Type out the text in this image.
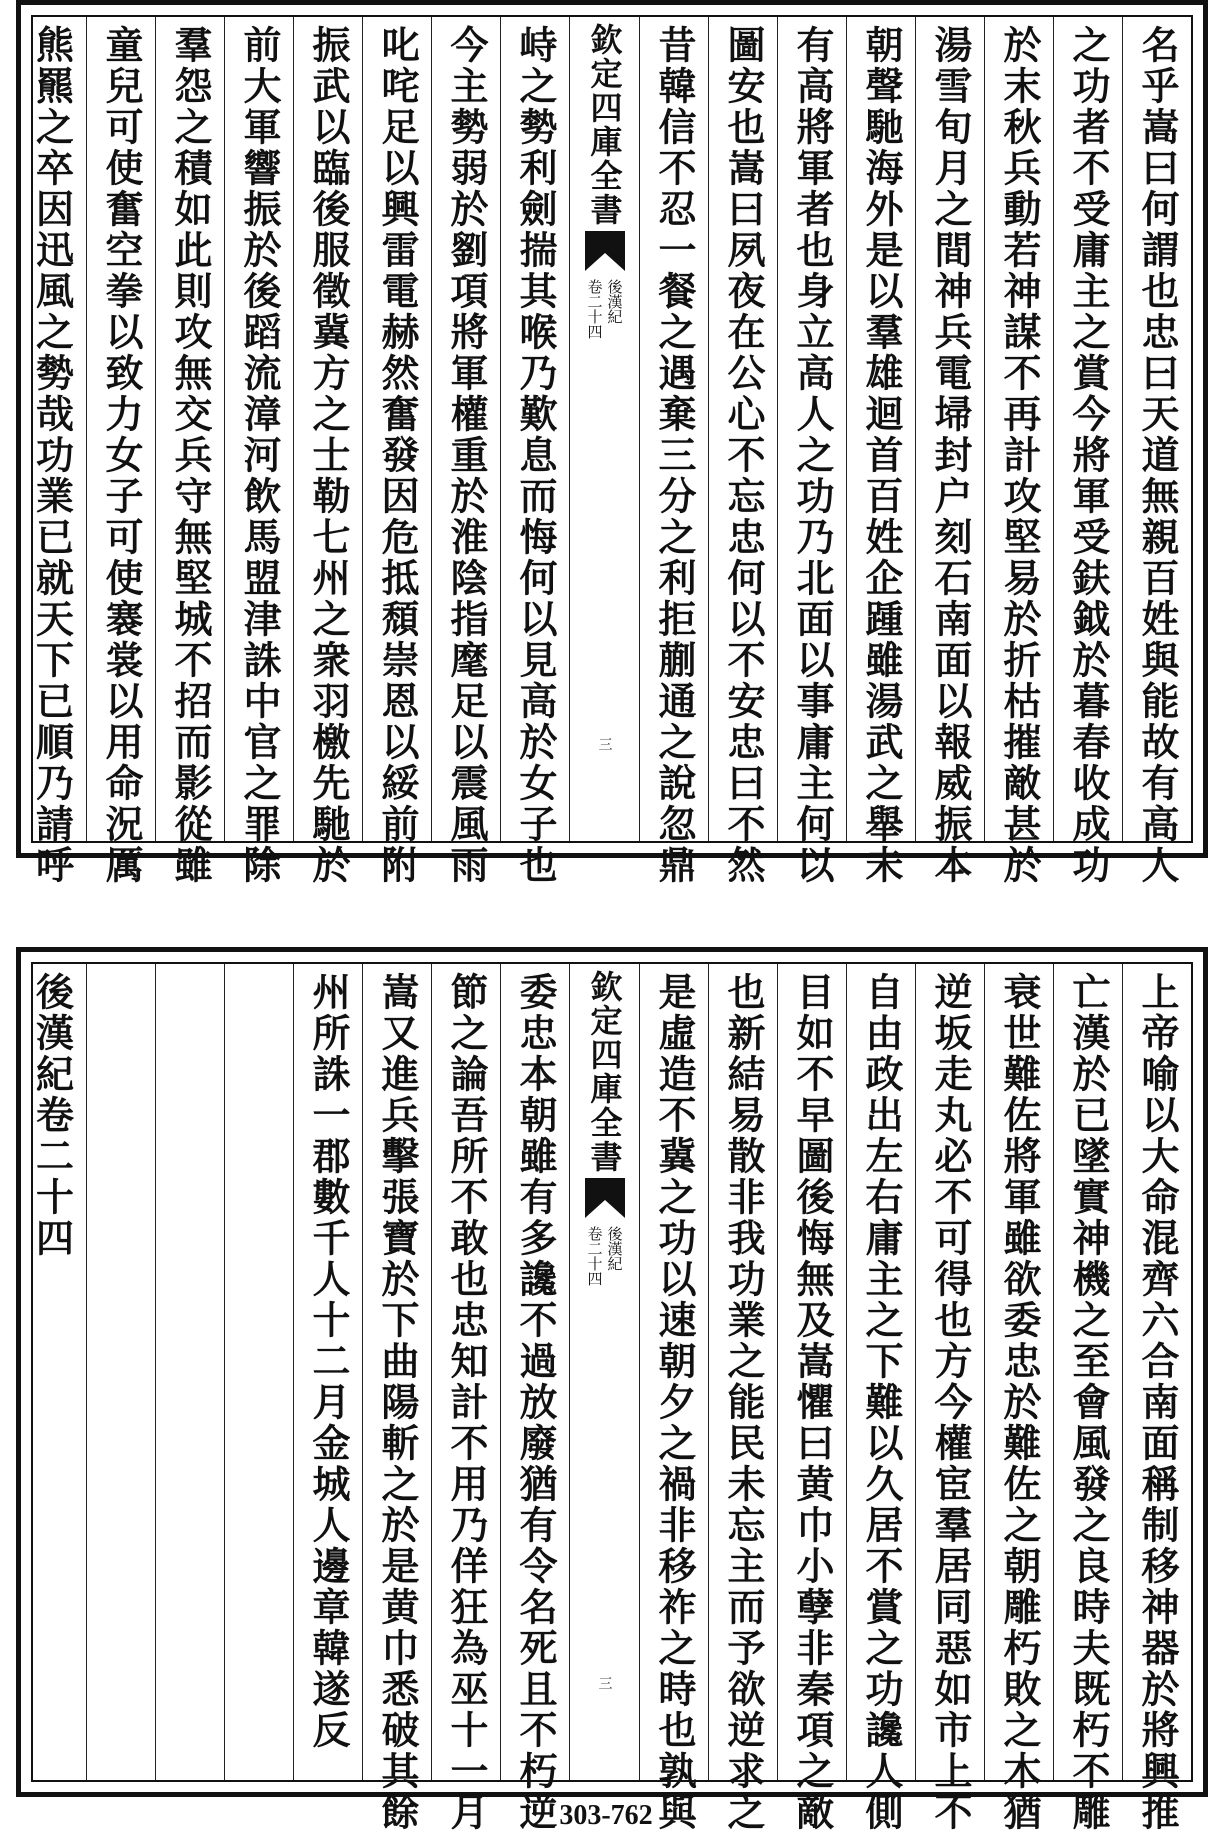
名乎嵩曰何謂也忠曰天道無親百姓與能故有高人
之功者不受庸主之賞今將軍受鈇鉞於暮春收成功
於末秋兵動若神謀不再計攻堅易於折枯摧敵甚於
湯雪旬月之間神兵電埽封户刻石南面以報威振本
朝聲馳海外是以羣雄迴首百姓企踵雖湯武之舉未
有高將軍者也身立高人之功乃北面以事庸主何以
圖安也嵩曰夙夜在公心不忘忠何以不安忠曰不然
昔韓信不忍一餐之遇棄三分之利拒蒯通之說忽鼎
欽定四庫全書
後漢紀
卷二十四
三
峙之勢利劍揣其喉乃歎息而悔何以見高於女子也
今主勢弱於劉項將軍權重於淮陰指麾足以震風雨
叱咤足以興雷電赫然奮發因危抵頹崇恩以綏前附
振武以臨後服徵冀方之士勒七州之衆羽檄先馳於
前大軍響振於後蹈流漳河飲馬盟津誅中官之罪除
羣怨之積如此則攻無交兵守無堅城不招而影從雖
童兒可使奮空拳以致力女子可使褰裳以用命況厲
熊羆之卒因迅風之勢哉功業已就天下已順乃請呼
上帝喻以大命混齊六合南面稱制移神器於將興推
亡漢於已墜實神機之至會風發之良時夫既朽不雕
衰世難佐將軍雖欲委忠於難佐之朝雕朽敗之木猶
逆坂走丸必不可得也方今權宦羣居同惡如市上不
自由政出左右庸主之下難以久居不賞之功讒人側
目如不早圖後悔無及嵩懼曰黄巾小孽非秦項之敵
也新結易散非我功業之能民未忘主而予欲逆求之
是虛造不冀之功以速朝夕之禍非移祚之時也孰與
欽定四庫全書
後漢紀
卷二十四
三
委忠本朝雖有多讒不過放廢猶有令名死且不朽逆
節之論吾所不敢也忠知計不用乃佯狂為巫十一月
嵩又進兵擊張寶於下曲陽斬之於是黄巾悉破其餘
州所誅一郡數千人十二月金城人邊章韓遂反
後漢紀卷二十四
303-762
